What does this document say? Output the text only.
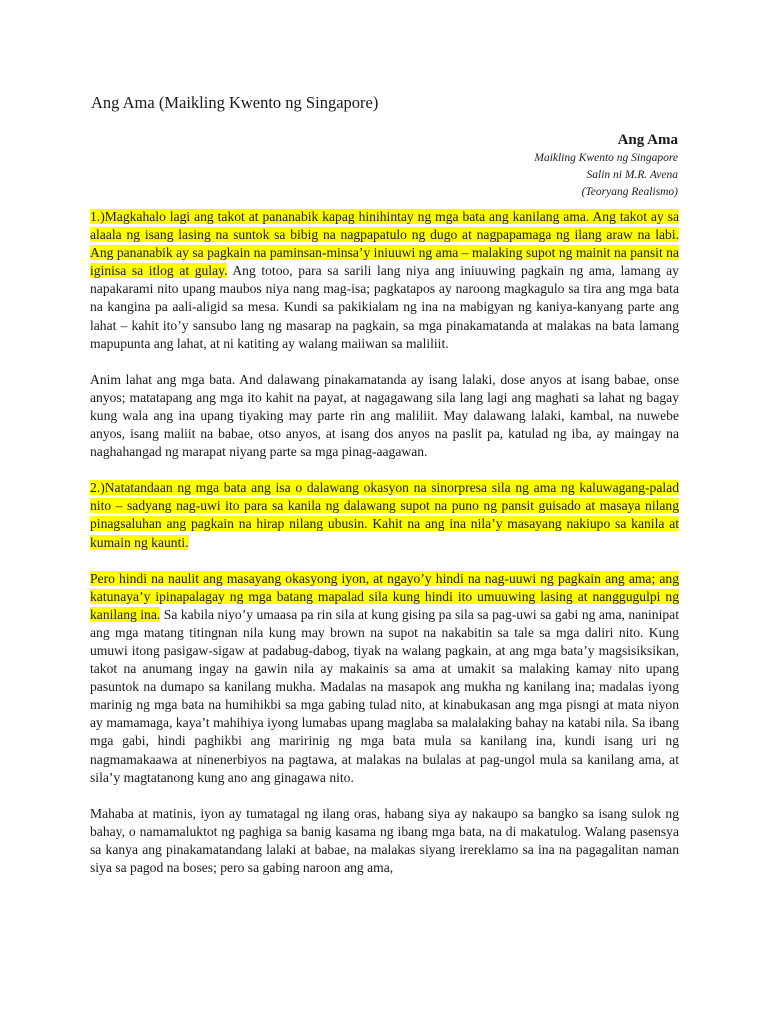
Ang Ama (Maikling Kwento ng Singapore)
Ang Ama
Maikling Kwento ng Singapore
Salin ni M.R. Avena
(Teoryang Realismo)

1.)Magkahalo lagi ang takot at pananabik kapag hinihintay ng mga bata ang kanilang ama. Ang takot ay sa alaala ng isang lasing na suntok sa bibig na nagpapatulo ng dugo at nagpapamaga ng ilang araw na labi. Ang pananabik ay sa pagkain na paminsan-minsa’y iniuuwi ng ama – malaking supot ng mainit na pansit na iginisa sa itlog at gulay. Ang totoo, para sa sarili lang niya ang iniuuwing pagkain ng ama, lamang ay napakarami nito upang maubos niya nang mag-isa; pagkatapos ay naroong magkagulo sa tira ang mga bata na kangina pa aali-aligid sa mesa. Kundi sa pakikialam ng ina na mabigyan ng kaniya-kanyang parte ang lahat – kahit ito’y sansubo lang ng masarap na pagkain, sa mga pinakamatanda at malakas na bata lamang mapupunta ang lahat, at ni katiting ay walang maiiwan sa maliliit.

Anim lahat ang mga bata. And dalawang pinakamatanda ay isang lalaki, dose anyos at isang babae, onse anyos; matatapang ang mga ito kahit na payat, at nagagawang sila lang lagi ang maghati sa lahat ng bagay kung wala ang ina upang tiyaking may parte rin ang maliliit. May dalawang lalaki, kambal, na nuwebe anyos, isang maliit na babae, otso anyos, at isang dos anyos na paslit pa, katulad ng iba, ay maingay na naghahangad ng marapat niyang parte sa mga pinag-aagawan.

2.)Natatandaan ng mga bata ang isa o dalawang okasyon na sinorpresa sila ng ama ng kaluwagang-palad nito – sadyang nag-uwi ito para sa kanila ng dalawang supot na puno ng pansit guisado at masaya nilang pinagsaluhan ang pagkain na hirap nilang ubusin. Kahit na ang ina nila’y masayang nakiupo sa kanila at kumain ng kaunti.

Pero hindi na naulit ang masayang okasyong iyon, at ngayo’y hindi na nag-uuwi ng pagkain ang ama; ang katunaya’y ipinapalagay ng mga batang mapalad sila kung hindi ito umuuwing lasing at nanggugulpi ng kanilang ina. Sa kabila niyo’y umaasa pa rin sila at kung gising pa sila sa pag-uwi sa gabi ng ama, naninipat ang mga matang titingnan nila kung may brown na supot na nakabitin sa tale sa mga daliri nito. Kung umuwi itong pasigaw-sigaw at padabug-dabog, tiyak na walang pagkain, at ang mga bata’y magsisiksikan, takot na anumang ingay na gawin nila ay makainis sa ama at umakit sa malaking kamay nito upang pasuntok na dumapo sa kanilang mukha. Madalas na masapok ang mukha ng kanilang ina; madalas iyong marinig ng mga bata na humihikbi sa mga gabing tulad nito, at kinabukasan ang mga pisngi at mata niyon ay mamamaga, kaya’t mahihiya iyong lumabas upang maglaba sa malalaking bahay na katabi nila. Sa ibang mga gabi, hindi paghikbi ang maririnig ng mga bata mula sa kanilang ina, kundi isang uri ng nagmamakaawa at ninenerbiyos na pagtawa, at malakas na bulalas at pag-ungol mula sa kanilang ama, at sila’y magtatanong kung ano ang ginagawa nito.

Mahaba at matinis, iyon ay tumatagal ng ilang oras, habang siya ay nakaupo sa bangko sa isang sulok ng bahay, o namamaluktot ng paghiga sa banig kasama ng ibang mga bata, na di makatulog. Walang pasensya sa kanya ang pinakamatandang lalaki at babae, na malakas siyang irereklamo sa ina na pagagalitan naman siya sa pagod na boses; pero sa gabing naroon ang ama,
